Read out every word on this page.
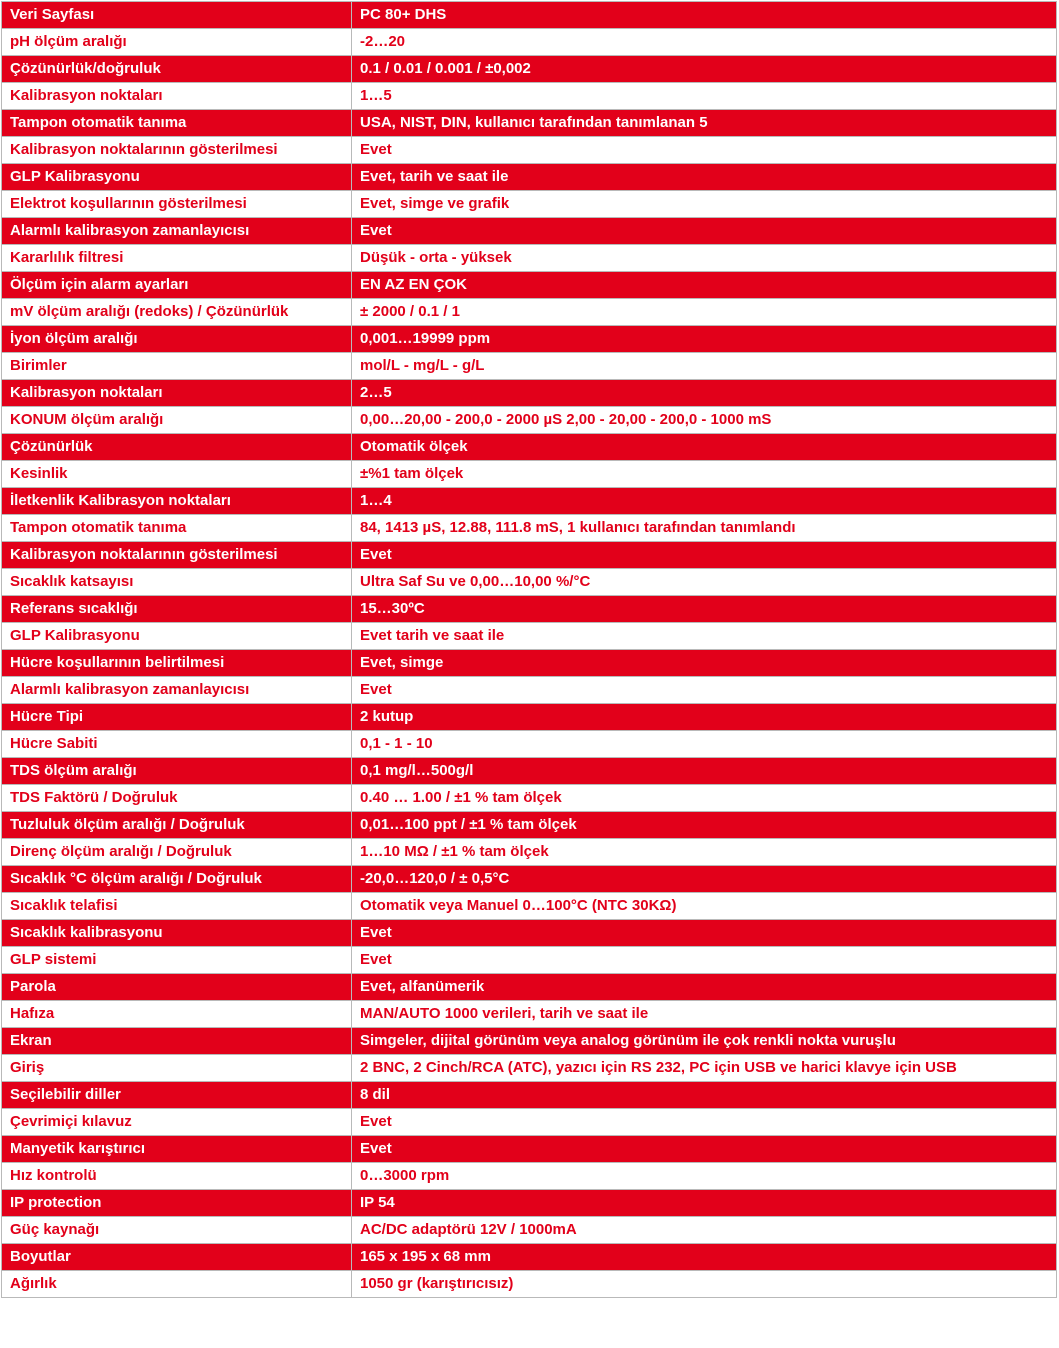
Veri Sayfası	PC 80+ DHS
pH ölçüm aralığı	-2…20
Çözünürlük/doğruluk	0.1 / 0.01 / 0.001 / ±0,002
Kalibrasyon noktaları	1…5
Tampon otomatik tanıma	USA, NIST, DIN, kullanıcı tarafından tanımlanan 5
Kalibrasyon noktalarının gösterilmesi	Evet
GLP Kalibrasyonu	Evet, tarih ve saat ile
Elektrot koşullarının gösterilmesi	Evet, simge ve grafik
Alarmlı kalibrasyon zamanlayıcısı	Evet
Kararlılık filtresi	Düşük - orta - yüksek
Ölçüm için alarm ayarları	EN AZ EN ÇOK
mV ölçüm aralığı (redoks) / Çözünürlük	± 2000 / 0.1 / 1
İyon ölçüm aralığı	0,001…19999 ppm
Birimler	mol/L - mg/L - g/L
Kalibrasyon noktaları	2…5
KONUM ölçüm aralığı	0,00…20,00 - 200,0 - 2000 µS 2,00 - 20,00 - 200,0 - 1000 mS
Çözünürlük	Otomatik ölçek
Kesinlik	±%1 tam ölçek
İletkenlik Kalibrasyon noktaları	1…4
Tampon otomatik tanıma	84, 1413 µS, 12.88, 111.8 mS, 1 kullanıcı tarafından tanımlandı
Kalibrasyon noktalarının gösterilmesi	Evet
Sıcaklık katsayısı	Ultra Saf Su ve 0,00…10,00 %/°C
Referans sıcaklığı	15…30ºC
GLP Kalibrasyonu	Evet tarih ve saat ile
Hücre koşullarının belirtilmesi	Evet, simge
Alarmlı kalibrasyon zamanlayıcısı	Evet
Hücre Tipi	2 kutup
Hücre Sabiti	0,1 - 1 - 10
TDS ölçüm aralığı	0,1 mg/l…500g/l
TDS Faktörü / Doğruluk	0.40 … 1.00 / ±1 % tam ölçek
Tuzluluk ölçüm aralığı / Doğruluk	0,01…100 ppt / ±1 % tam ölçek
Direnç ölçüm aralığı / Doğruluk	1…10 MΩ / ±1 % tam ölçek
Sıcaklık °C ölçüm aralığı / Doğruluk	-20,0…120,0 / ± 0,5°C
Sıcaklık telafisi	Otomatik veya Manuel 0…100°C (NTC 30KΩ)
Sıcaklık kalibrasyonu	Evet
GLP sistemi	Evet
Parola	Evet, alfanümerik
Hafıza	MAN/AUTO 1000 verileri, tarih ve saat ile
Ekran	Simgeler, dijital görünüm veya analog görünüm ile çok renkli nokta vuruşlu
Giriş	2 BNC, 2 Cinch/RCA (ATC), yazıcı için RS 232, PC için USB ve harici klavye için USB
Seçilebilir diller	8 dil
Çevrimiçi kılavuz	Evet
Manyetik karıştırıcı	Evet
Hız kontrolü	0…3000 rpm
IP protection	IP 54
Güç kaynağı	AC/DC adaptörü 12V / 1000mA
Boyutlar	165 x 195 x 68 mm
Ağırlık	1050 gr (karıştırıcısız)
